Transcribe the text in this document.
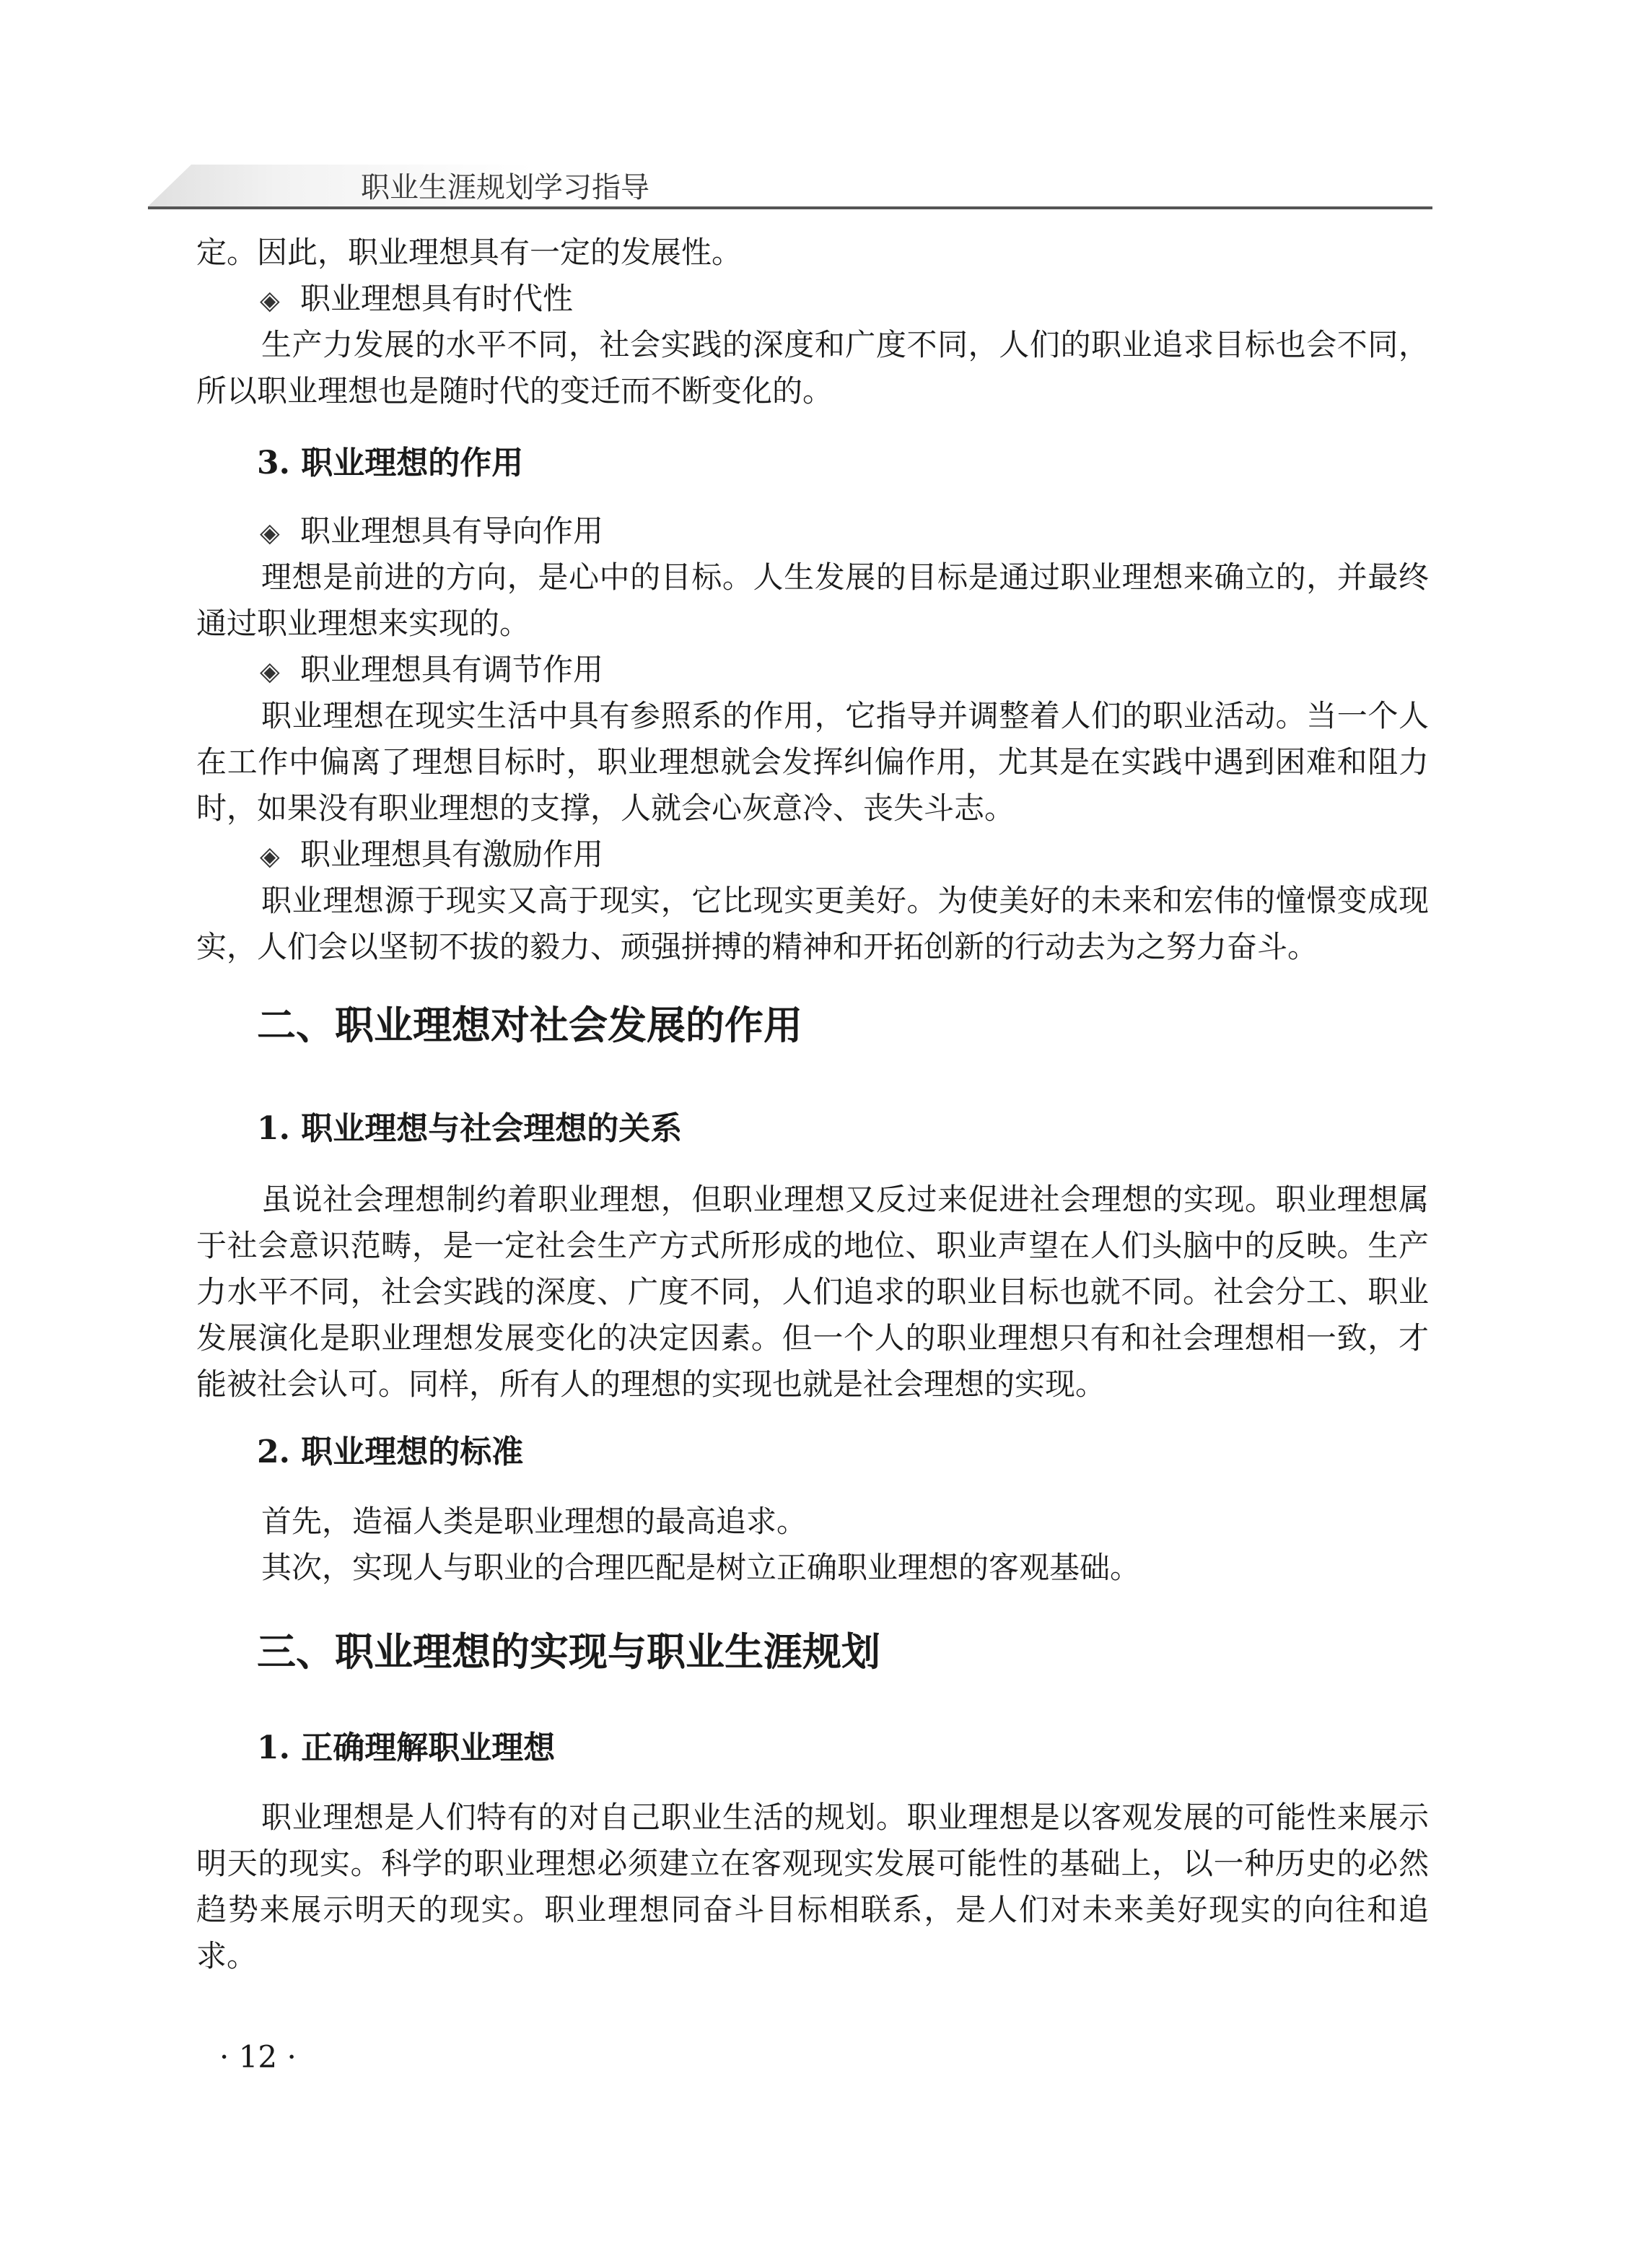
职业生涯规划学习指导

定。因此，职业理想具有一定的发展性。

◈ 职业理想具有时代性

生产力发展的水平不同，社会实践的深度和广度不同，人们的职业追求目标也会不同，所以职业理想也是随时代的变迁而不断变化的。

3. 职业理想的作用
◈ 职业理想具有导向作用

理想是前进的方向，是心中的目标。人生发展的目标是通过职业理想来确立的，并最终通过职业理想来实现的。

◈ 职业理想具有调节作用

职业理想在现实生活中具有参照系的作用，它指导并调整着人们的职业活动。当一个人在工作中偏离了理想目标时，职业理想就会发挥纠偏作用，尤其是在实践中遇到困难和阻力时，如果没有职业理想的支撑，人就会心灰意冷、丧失斗志。

◈ 职业理想具有激励作用

职业理想源于现实又高于现实，它比现实更美好。为使美好的未来和宏伟的憧憬变成现实，人们会以坚韧不拔的毅力、顽强拼搏的精神和开拓创新的行动去为之努力奋斗。

二、职业理想对社会发展的作用
1. 职业理想与社会理想的关系

虽说社会理想制约着职业理想，但职业理想又反过来促进社会理想的实现。职业理想属于社会意识范畴，是一定社会生产方式所形成的地位、职业声望在人们头脑中的反映。生产力水平不同，社会实践的深度、广度不同，人们追求的职业目标也就不同。社会分工、职业发展演化是职业理想发展变化的决定因素。但一个人的职业理想只有和社会理想相一致，才能被社会认可。同样，所有人的理想的实现也就是社会理想的实现。

2. 职业理想的标准

首先，造福人类是职业理想的最高追求。

其次，实现人与职业的合理匹配是树立正确职业理想的客观基础。

三、职业理想的实现与职业生涯规划
1. 正确理解职业理想

职业理想是人们特有的对自己职业生活的规划。职业理想是以客观发展的可能性来展示明天的现实。科学的职业理想必须建立在客观现实发展可能性的基础上，以一种历史的必然趋势来展示明天的现实。职业理想同奋斗目标相联系，是人们对未来美好现实的向往和追求。

· 12 ·
